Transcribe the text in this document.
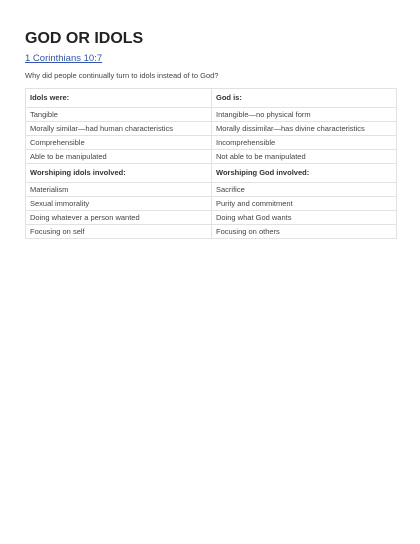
GOD OR IDOLS
1 Corinthians 10:7
Why did people continually turn to idols instead of to God?
Idols were:	God is:
Tangible	Intangible—no physical form
Morally similar—had human characteristics	Morally dissimilar—has divine characteristics
Comprehensible	Incomprehensible
Able to be manipulated	Not able to be manipulated
Worshiping idols involved:	Worshiping God involved:
Materialism	Sacrifice
Sexual immorality	Purity and commitment
Doing whatever a person wanted	Doing what God wants
Focusing on self	Focusing on others
